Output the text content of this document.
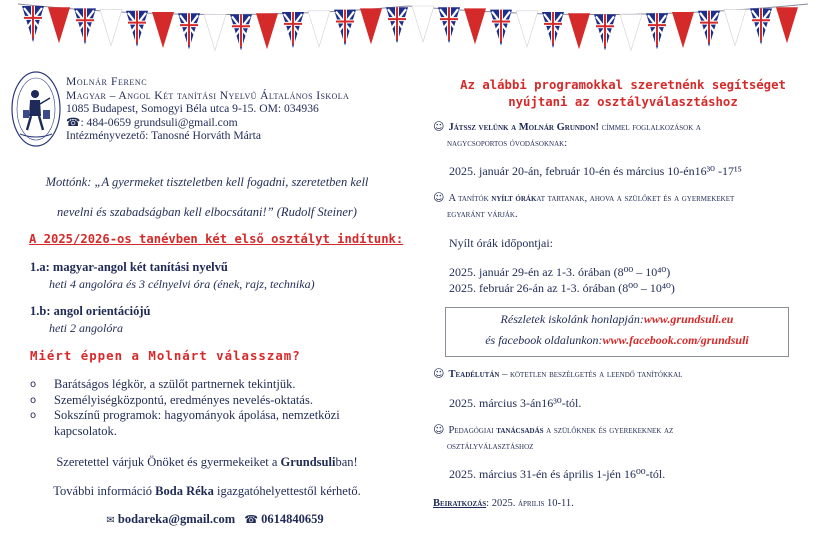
Molnár Ferenc
Magyar – Angol Két tanítási Nyelvű Általános Iskola
1085 Budapest, Somogyi Béla utca 9-15. OM: 034936
☎: 484-0659 grundsuli@gmail.com
Intézményvezető: Tanosné Horváth Márta
Mottónk: „A gyermeket tiszteletben kell fogadni, szeretetben kell
nevelni és szabadságban kell elbocsátani!” (Rudolf Steiner)
A 2025/2026-os tanévben két első osztályt indítunk:
1.a: magyar-angol két tanítási nyelvű
heti 4 angolóra és 3 célnyelvi óra (ének, rajz, technika)
1.b: angol orientációjú
heti 2 angolóra
Miért éppen a Molnárt válasszam?
o Barátságos légkör, a szülőt partnernek tekintjük.
o Személyiségközpontú, eredményes nevelés-oktatás.
o Sokszínű programok: hagyományok ápolása, nemzetközi kapcsolatok.
Szeretettel várjuk Önöket és gyermekeiket a Grundsuliban!
További információ Boda Réka igazgatóhelyettestől kérhető.
✉ bodareka@gmail.com ☎ 0614840659
Az alábbi programokkal szeretnénk segítséget
nyújtani az osztályválasztáshoz
☺ Játssz velünk a Molnár Grundon! címmel foglalkozások a
nagycsoportos óvodásoknak:
2025. január 20-án, február 10-én és március 10-én16³⁰ -17¹⁵
☺ A tanítók nyílt órákat tartanak, ahova a szülőket és a gyermekeket
egyaránt várják.
Nyílt órák időpontjai:
2025. január 29-én az 1-3. órában (8⁰⁰ – 10⁴⁰)
2025. február 26-án az 1-3. órában (8⁰⁰ – 10⁴⁰)
Részletek iskolánk honlapján:www.grundsuli.eu
és facebook oldalunkon:www.facebook.com/grundsuli
☺ Teadélután – kötetlen beszélgetés a leendő tanítókkal
2025. március 3-án16³⁰-tól.
☺ Pedagógiai tanácsadás a szülőknek és gyerekeknek az
osztályválasztáshoz
2025. március 31-én és április 1-jén 16⁰⁰-tól.
Beiratkozás: 2025. április 10-11.
